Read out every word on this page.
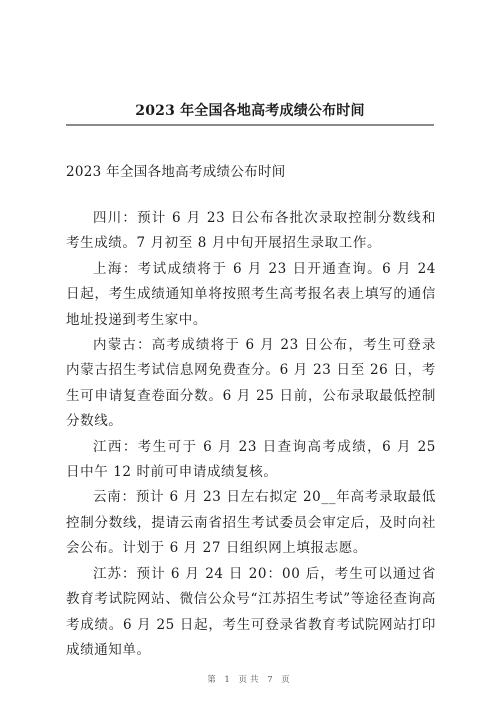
2023 年全国各地高考成绩公布时间
2023 年全国各地高考成绩公布时间

四川：预计 6 月 23 日公布各批次录取控制分数线和考生成绩。7 月初至 8 月中旬开展招生录取工作。

上海：考试成绩将于 6 月 23 日开通查询。6 月 24 日起，考生成绩通知单将按照考生高考报名表上填写的通信地址投递到考生家中。

内蒙古：高考成绩将于 6 月 23 日公布，考生可登录内蒙古招生考试信息网免费查分。6 月 23 日至 26 日，考生可申请复查卷面分数。6 月 25 日前，公布录取最低控制分数线。

江西：考生可于 6 月 23 日查询高考成绩，6 月 25 日中午 12 时前可申请成绩复核。

云南：预计 6 月 23 日左右拟定 20__年高考录取最低控制分数线，提请云南省招生考试委员会审定后，及时向社会公布。计划于 6 月 27 日组织网上填报志愿。

江苏：预计 6 月 24 日 20：00 后，考生可以通过省教育考试院网站、微信公众号“江苏招生考试”等途径查询高考成绩。6 月 25 日起，考生可登录省教育考试院网站打印成绩通知单。

第 1 页共 7 页
